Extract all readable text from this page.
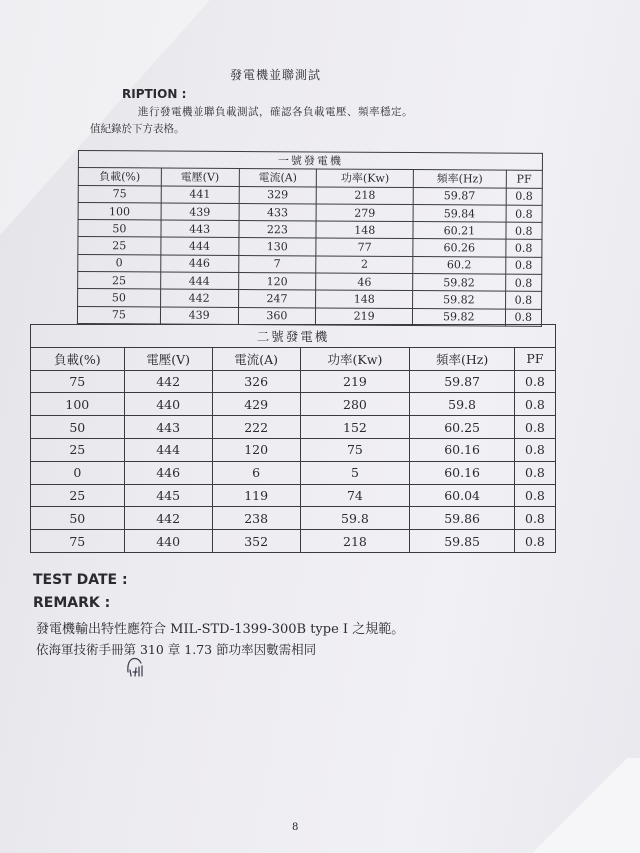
發電機並聯測試
RIPTION :
進行發電機並聯負載測試，確認各負載電壓、頻率穩定。
值紀錄於下方表格。
一號發電機					
負載(%)	電壓(V)	電流(A)	功率(Kw)	頻率(Hz)	PF
75	441	329	218	59.87	0.8
100	439	433	279	59.84	0.8
50	443	223	148	60.21	0.8
25	444	130	77	60.26	0.8
0	446	7	2	60.2	0.8
25	444	120	46	59.82	0.8
50	442	247	148	59.82	0.8
75	439	360	219	59.82	0.8
二號發電機					
負載(%)	電壓(V)	電流(A)	功率(Kw)	頻率(Hz)	PF
75	442	326	219	59.87	0.8
100	440	429	280	59.8	0.8
50	443	222	152	60.25	0.8
25	444	120	75	60.16	0.8
0	446	6	5	60.16	0.8
25	445	119	74	60.04	0.8
50	442	238	59.8	59.86	0.8
75	440	352	218	59.85	0.8
TEST DATE :
REMARK :
發電機輸出特性應符合 MIL-STD-1399-300B type I 之規範。
依海軍技術手冊第 310 章 1.73 節功率因數需相同
8
